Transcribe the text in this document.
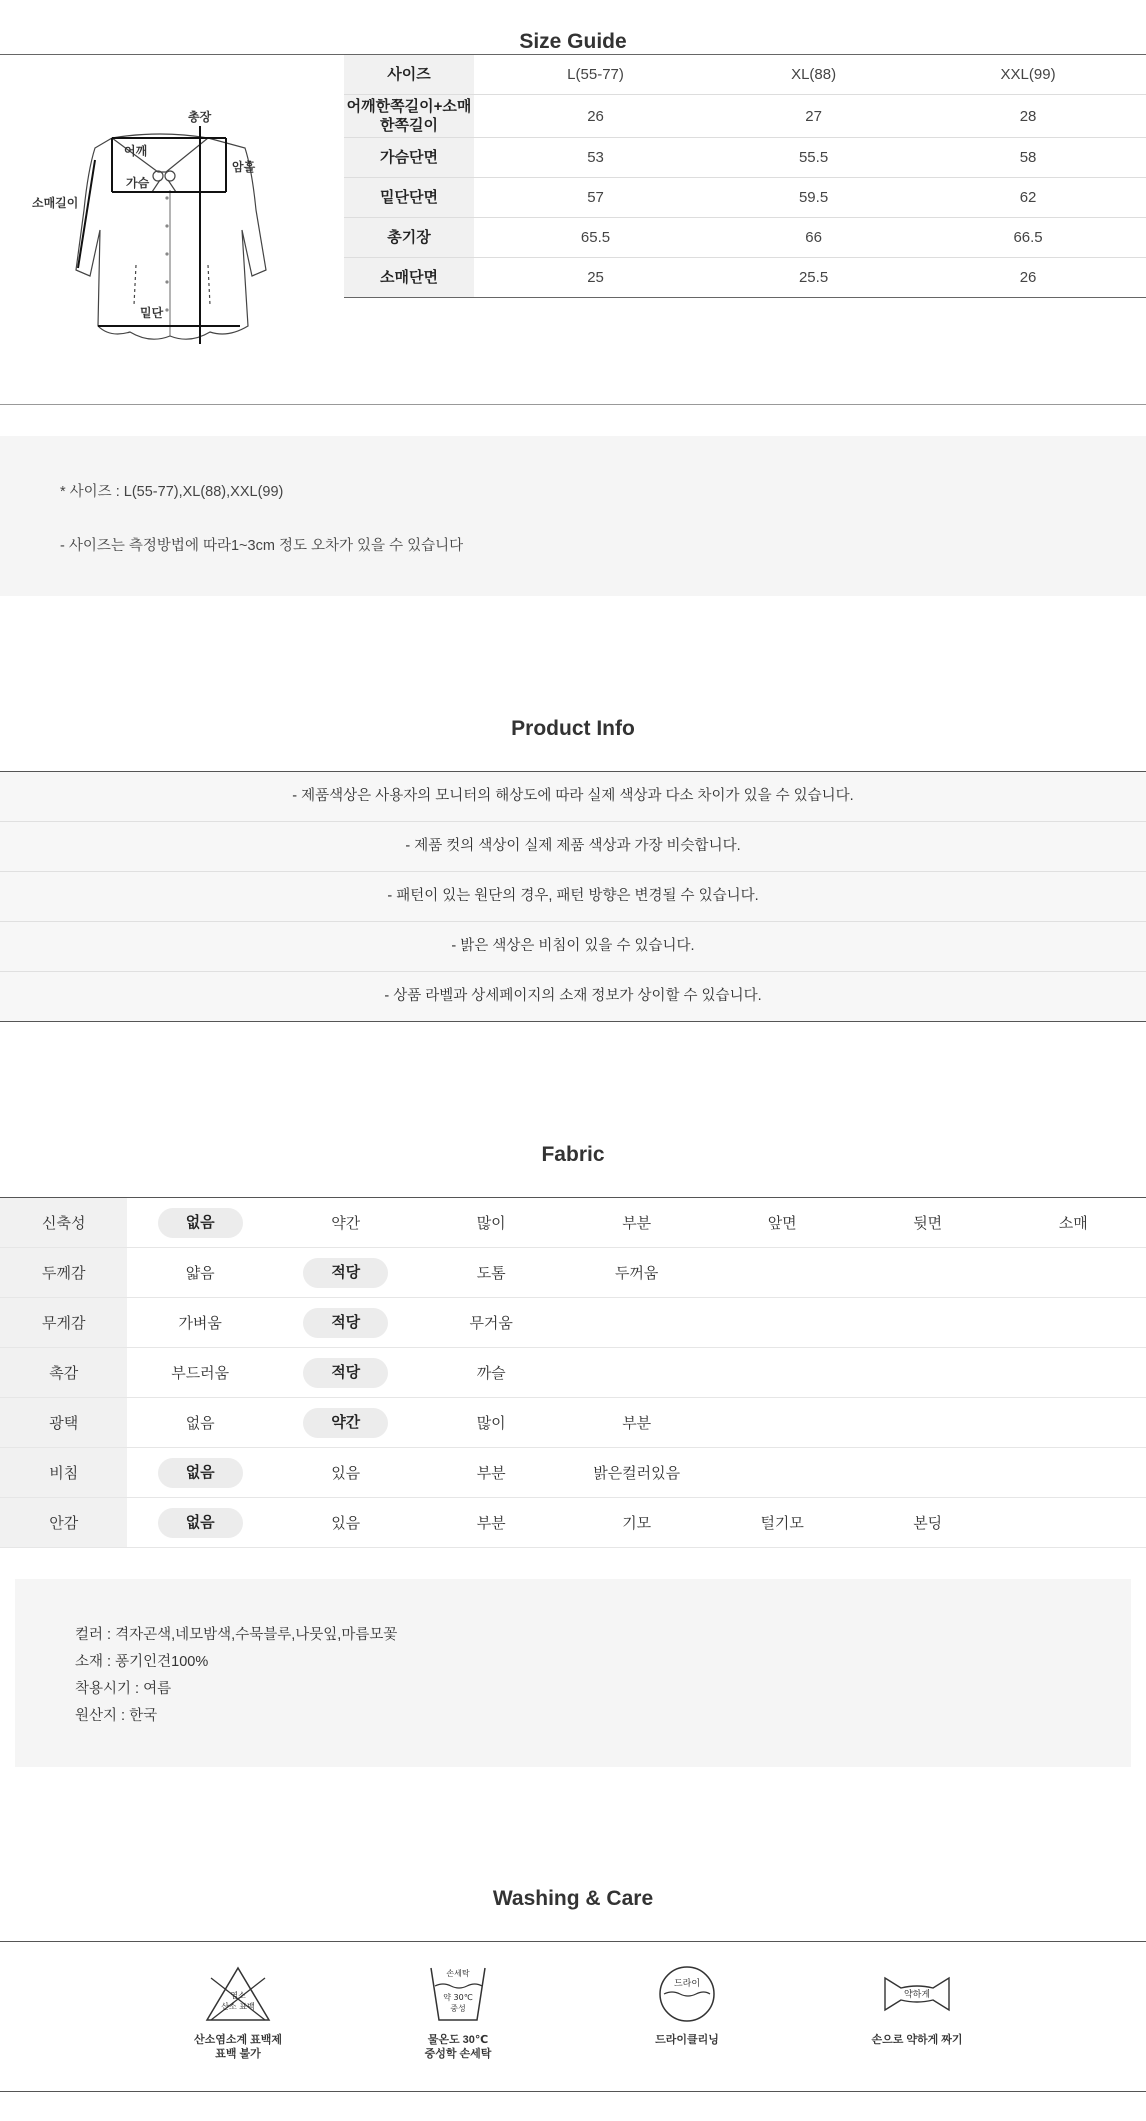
Size Guide
총장
어깨
가슴
암홀
소매길이
밑단
사이즈	L(55-77)	XL(88)	XXL(99)
어깨한쪽길이+소매한쪽길이	26	27	28
가슴단면	53	55.5	58
밑단단면	57	59.5	62
총기장	65.5	66	66.5
소매단면	25	25.5	26
* 사이즈 : L(55-77),XL(88),XXL(99)
- 사이즈는 측정방법에 따라1~3cm 정도 오차가 있을 수 있습니다
Product Info
- 제품색상은 사용자의 모니터의 해상도에 따라 실제 색상과 다소 차이가 있을 수 있습니다.
- 제품 컷의 색상이 실제 제품 색상과 가장 비슷합니다.
- 패턴이 있는 원단의 경우, 패턴 방향은 변경될 수 있습니다.
- 밝은 색상은 비침이 있을 수 있습니다.
- 상품 라벨과 상세페이지의 소재 정보가 상이할 수 있습니다.
Fabric
신축성	없음	약간	많이	부분	앞면	뒷면	소매
두께감	얇음	적당	도톰	두꺼움			
무게감	가벼움	적당	무거움				
촉감	부드러움	적당	까슬				
광택	없음	약간	많이	부분			
비침	없음	있음	부분	밝은컬러있음			
안감	없음	있음	부분	기모	털기모	본딩	
컬러 : 격자곤색,네모밤색,수묵블루,나뭇잎,마름모꽃
소재 : 퐁기인견100%
착용시기 : 여름
원산지 : 한국
Washing & Care
염소
산소 표백
산소염소계 표백제
표백 불가
손세탁
약 30℃
중성
물온도 30℃
중성학 손세탁
드라이
드라이클리닝
약하게
손으로 약하게 짜기
